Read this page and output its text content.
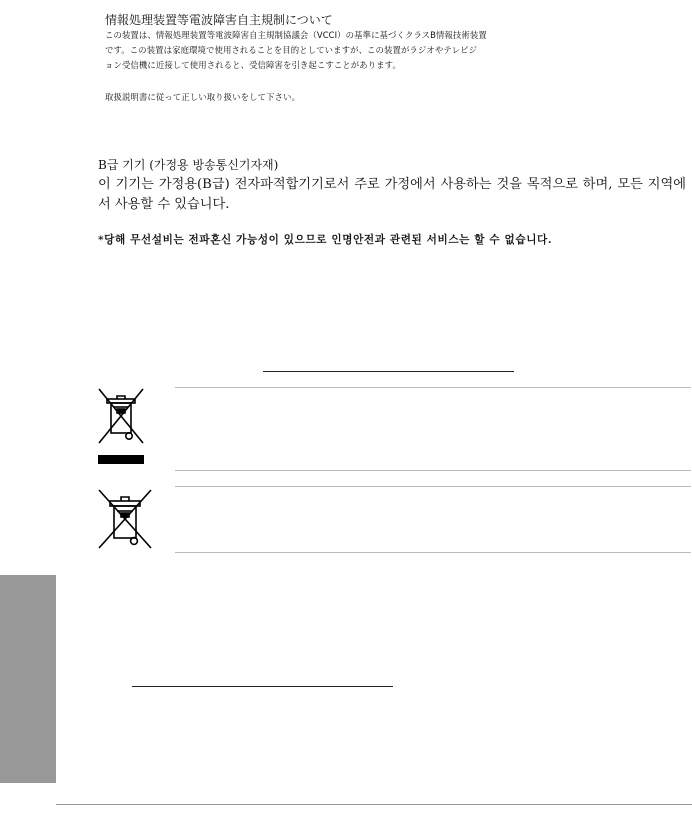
情報処理装置等電波障害自主規制について
この装置は、情報処理装置等電波障害自主規制協議会（VCCI）の基準に基づくクラスB情報技術装置
です。この装置は家庭環境で使用されることを目的としていますが、この装置がラジオやテレビジ
ョン受信機に近接して使用されると、受信障害を引き起こすことがあります。
取扱説明書に従って正しい取り扱いをして下さい。
B급 기기 (가정용 방송통신기자재)
이 기기는 가정용(B급) 전자파적합기기로서 주로 가정에서 사용하는 것을 목적으로 하며, 모든 지역에서 사용할 수 있습니다.
*당해 무선설비는 전파혼신 가능성이 있으므로 인명안전과 관련된 서비스는 할 수 없습니다.
